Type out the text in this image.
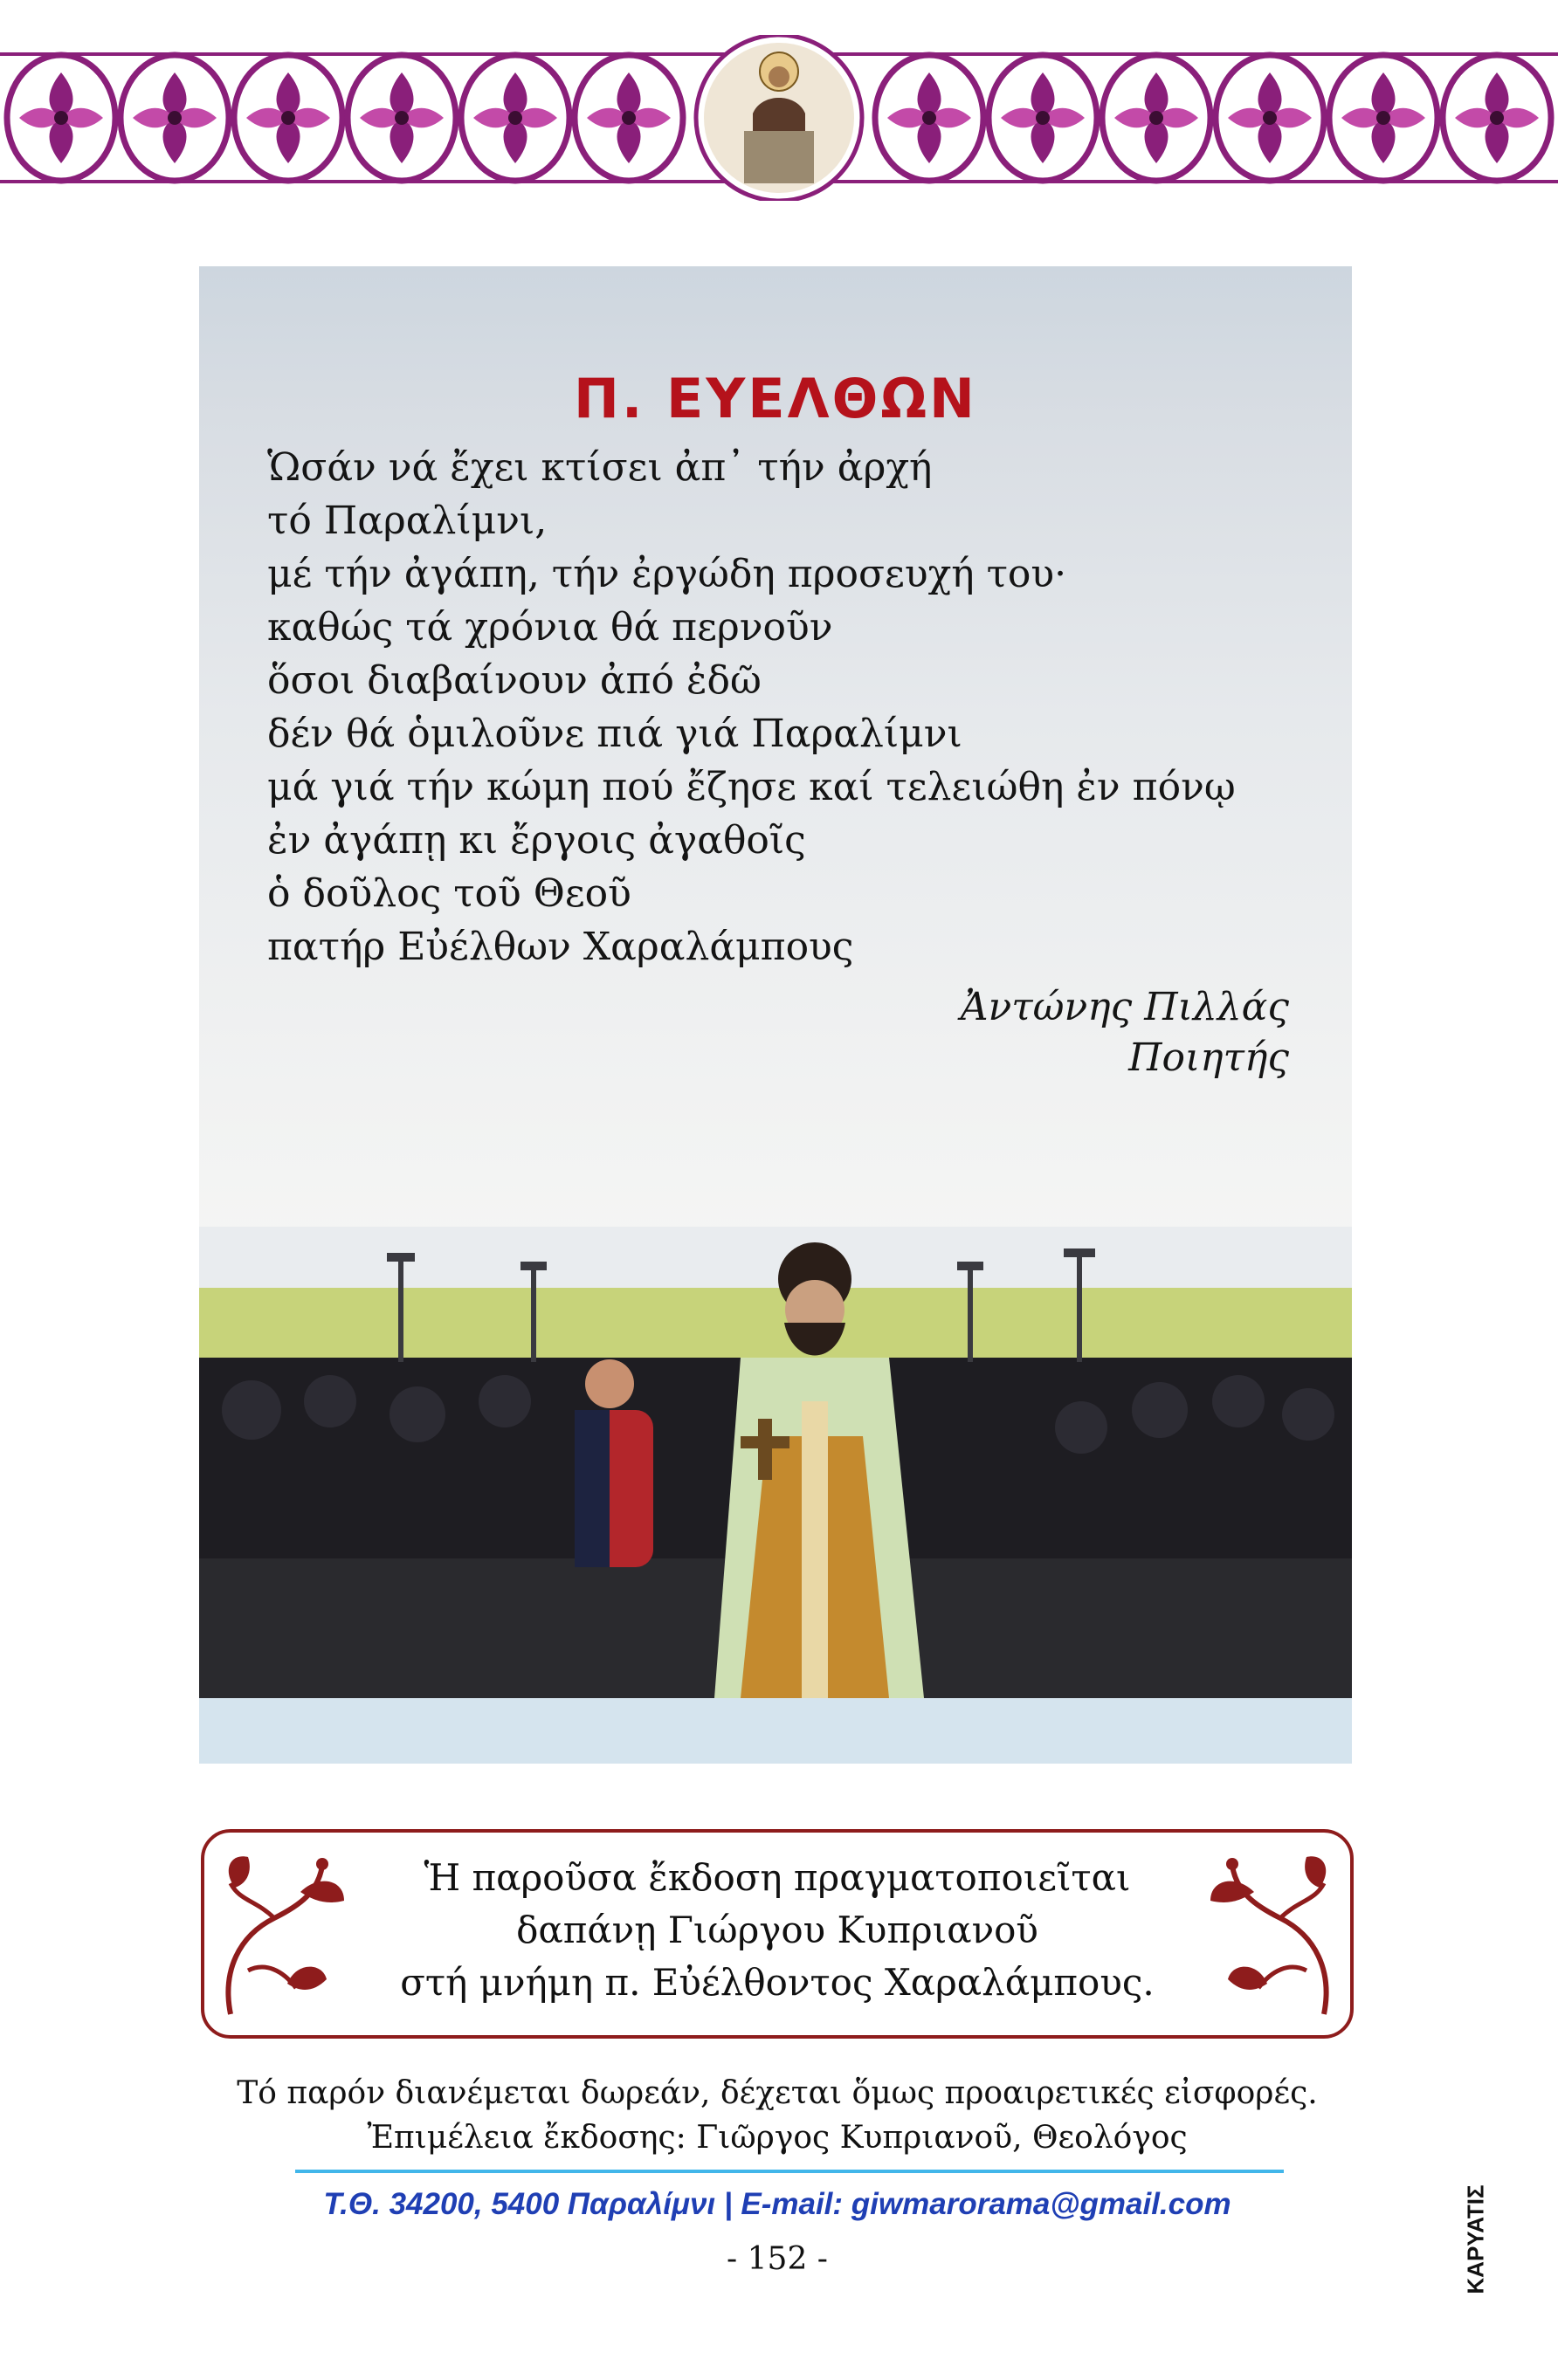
Π. ΕΥΕΛΘΩΝ
Ὡσάν νά ἔχει κτίσει ἀπ᾽ τήν ἀρχή
τό Παραλίμνι,
μέ τήν ἀγάπη, τήν ἐργώδη προσευχή του·
καθώς τά χρόνια θά περνοῦν
ὅσοι διαβαίνουν ἀπό ἐδῶ
δέν θά ὁμιλοῦνε πιά γιά Παραλίμνι
μά γιά τήν κώμη πού ἔζησε καί τελειώθη ἐν πόνῳ
ἐν ἀγάπῃ κι ἔργοις ἀγαθοῖς
ὁ δοῦλος τοῦ Θεοῦ
πατήρ Εὐέλθων Χαραλάμπους
Ἀντώνης Πιλλάς
Ποιητής
Ἡ παροῦσα ἔκδοση πραγματοποιεῖται
δαπάνῃ Γιώργου Κυπριανοῦ
στή μνήμη π. Εὐέλθοντος Χαραλάμπους.
Τό παρόν διανέμεται δωρεάν, δέχεται ὅμως προαιρετικές εἰσφορές.
Ἐπιμέλεια ἔκδοσης: Γιῶργος Κυπριανοῦ, Θεολόγος
Τ.Θ. 34200, 5400 Παραλίμνι | E-mail: giwmarorama@gmail.com
- 152 -	ΚΑΡΥΑΤΙΣ
